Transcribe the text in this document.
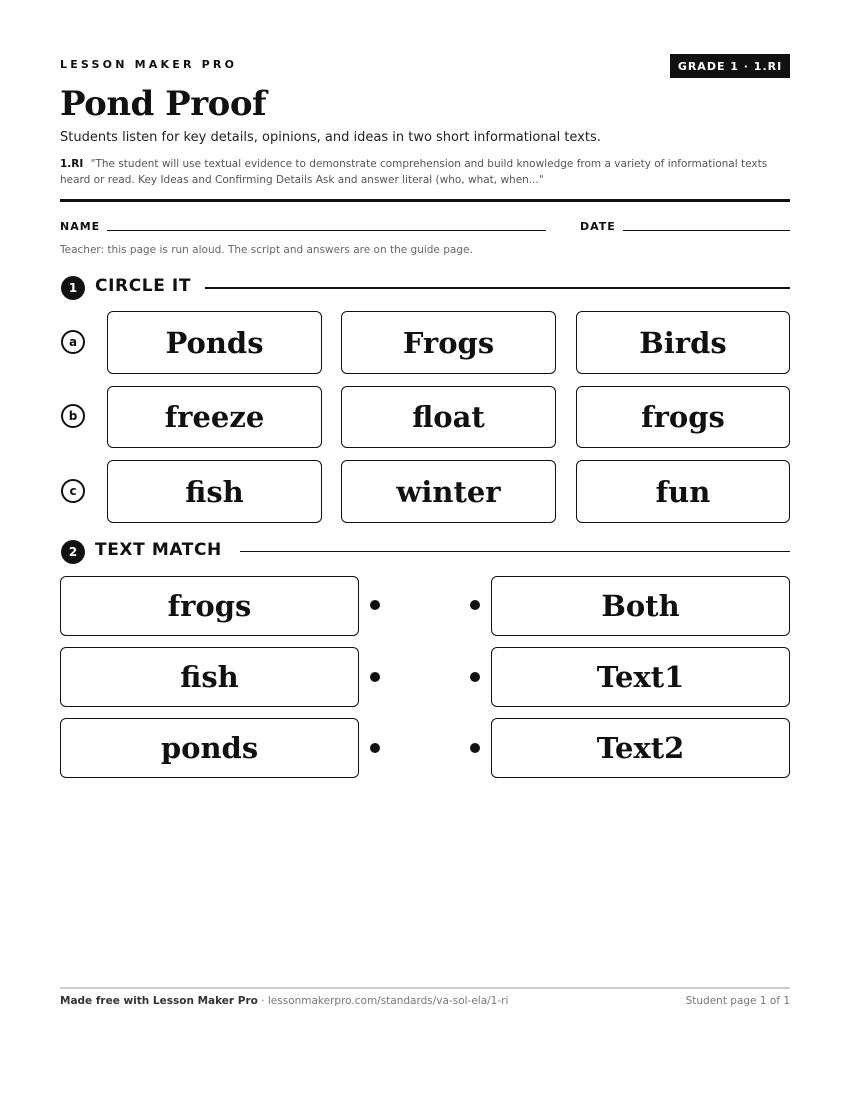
LESSON MAKER PRO	GRADE 1 · 1.RI
Pond Proof
Students listen for key details, opinions, and ideas in two short informational texts.
1.RI "The student will use textual evidence to demonstrate comprehension and build knowledge from a variety of informational texts heard or read. Key Ideas and Confirming Details Ask and answer literal (who, what, when..."
NAME	DATE
Teacher: this page is run aloud. The script and answers are on the guide page.
1	CIRCLE IT
a	Ponds	Frogs	Birds
b	freeze	float	frogs
c	fish	winter	fun
2	TEXT MATCH
frogs	Both
fish	Text1
ponds	Text2
Made free with Lesson Maker Pro · lessonmakerpro.com/standards/va-sol-ela/1-ri	Student page 1 of 1
